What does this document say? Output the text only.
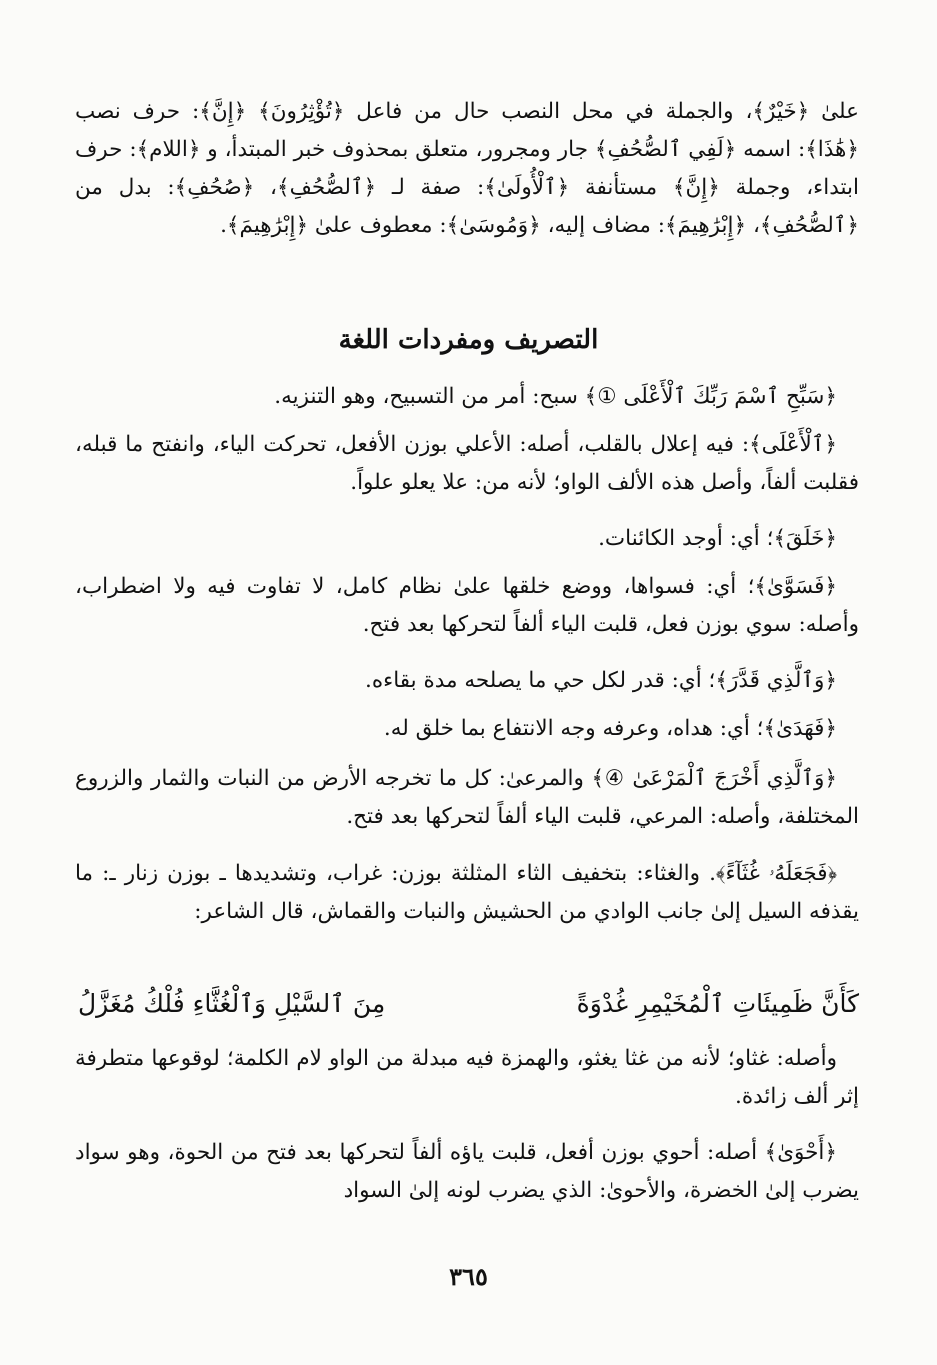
علىٰ ﴿خَيْرٌ﴾، والجملة في محل النصب حال من فاعل ﴿تُؤْثِرُونَ﴾ ﴿إِنَّ﴾: حرف نصب ﴿هَٰذَا﴾: اسمه ﴿لَفِي ٱلصُّحُفِ﴾ جار ومجرور، متعلق بمحذوف خبر المبتدأ، و ﴿اللام﴾: حرف ابتداء، وجملة ﴿إِنَّ﴾ مستأنفة ﴿ٱلْأُولَىٰ﴾: صفة لـ ﴿ٱلصُّحُفِ﴾، ﴿صُحُفِ﴾: بدل من ﴿ٱلصُّحُفِ﴾، ﴿إِبْرَٰهِيمَ﴾: مضاف إليه، ﴿وَمُوسَىٰ﴾: معطوف علىٰ ﴿إِبْرَٰهِيمَ﴾.

التصريف ومفردات اللغة

﴿سَبِّحِ ٱسْمَ رَبِّكَ ٱلْأَعْلَى ①﴾ سبح: أمر من التسبيح، وهو التنزيه.

﴿ٱلْأَعْلَى﴾: فيه إعلال بالقلب، أصله: الأعلي بوزن الأفعل، تحركت الياء، وانفتح ما قبله، فقلبت ألفاً، وأصل هذه الألف الواو؛ لأنه من: علا يعلو علواً.

﴿خَلَقَ﴾؛ أي: أوجد الكائنات.

﴿فَسَوَّىٰ﴾؛ أي: فسواها، ووضع خلقها علىٰ نظام كامل، لا تفاوت فيه ولا اضطراب، وأصله: سوي بوزن فعل، قلبت الياء ألفاً لتحركها بعد فتح.

﴿وَٱلَّذِي قَدَّرَ﴾؛ أي: قدر لكل حي ما يصلحه مدة بقاءه.

﴿فَهَدَىٰ﴾؛ أي: هداه، وعرفه وجه الانتفاع بما خلق له.

﴿وَٱلَّذِي أَخْرَجَ ٱلْمَرْعَىٰ ④﴾ والمرعىٰ: كل ما تخرجه الأرض من النبات والثمار والزروع المختلفة، وأصله: المرعي، قلبت الياء ألفاً لتحركها بعد فتح.

﴿فَجَعَلَهُۥ غُثَآءً﴾. والغثاء: بتخفيف الثاء المثلثة بوزن: غراب، وتشديدها ـ بوزن زنار ـ: ما يقذفه السيل إلىٰ جانب الوادي من الحشيش والنبات والقماش، قال الشاعر:

كَأَنَّ ظَمِيئَاتِ ٱلْمُخَيْمِرِ غُدْوَةً
مِنَ ٱلسَّيْلِ وَٱلْغُثَّاءِ فُلْكُ مُغَزَّلُ

وأصله: غثاو؛ لأنه من غثا يغثو، والهمزة فيه مبدلة من الواو لام الكلمة؛ لوقوعها متطرفة إثر ألف زائدة.

﴿أَحْوَىٰ﴾ أصله: أحوي بوزن أفعل، قلبت ياؤه ألفاً لتحركها بعد فتح من الحوة، وهو سواد يضرب إلىٰ الخضرة، والأحوىٰ: الذي يضرب لونه إلىٰ السواد

٣٦٥
